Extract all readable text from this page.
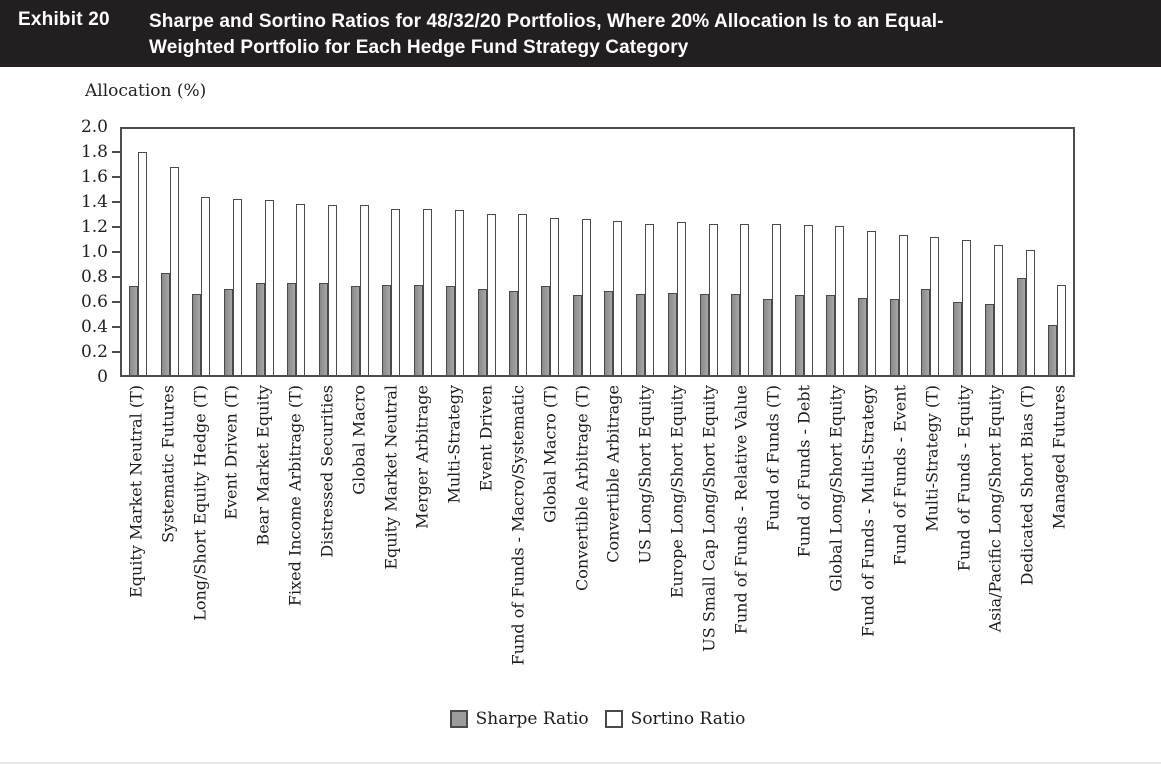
Exhibit 20	Sharpe and Sortino Ratios for 48/32/20 Portfolios, Where 20% Allocation Is to an Equal-
Weighted Portfolio for Each Hedge Fund Strategy Category
Allocation (%)
2.0
1.8
1.6
1.4
1.2
1.0
0.8
0.6
0.4
0.2
0
Equity Market Neutral (T) Systematic Futures Long/Short Equity Hedge (T) Event Driven (T) Bear Market Equity Fixed Income Arbitrage (T) Distressed Securities Global Macro Equity Market Neutral Merger Arbitrage Multi-Strategy Event Driven Fund of Funds - Macro/Systematic Global Macro (T) Convertible Arbitrage (T) Convertible Arbitrage US Long/Short Equity Europe Long/Short Equity US Small Cap Long/Short Equity Fund of Funds - Relative Value Fund of Funds (T) Fund of Funds - Debt Global Long/Short Equity Fund of Funds - Multi-Strategy Fund of Funds - Event Multi-Strategy (T) Fund of Funds - Equity Asia/Pacific Long/Short Equity Dedicated Short Bias (T) Managed Futures
Sharpe Ratio Sortino Ratio
